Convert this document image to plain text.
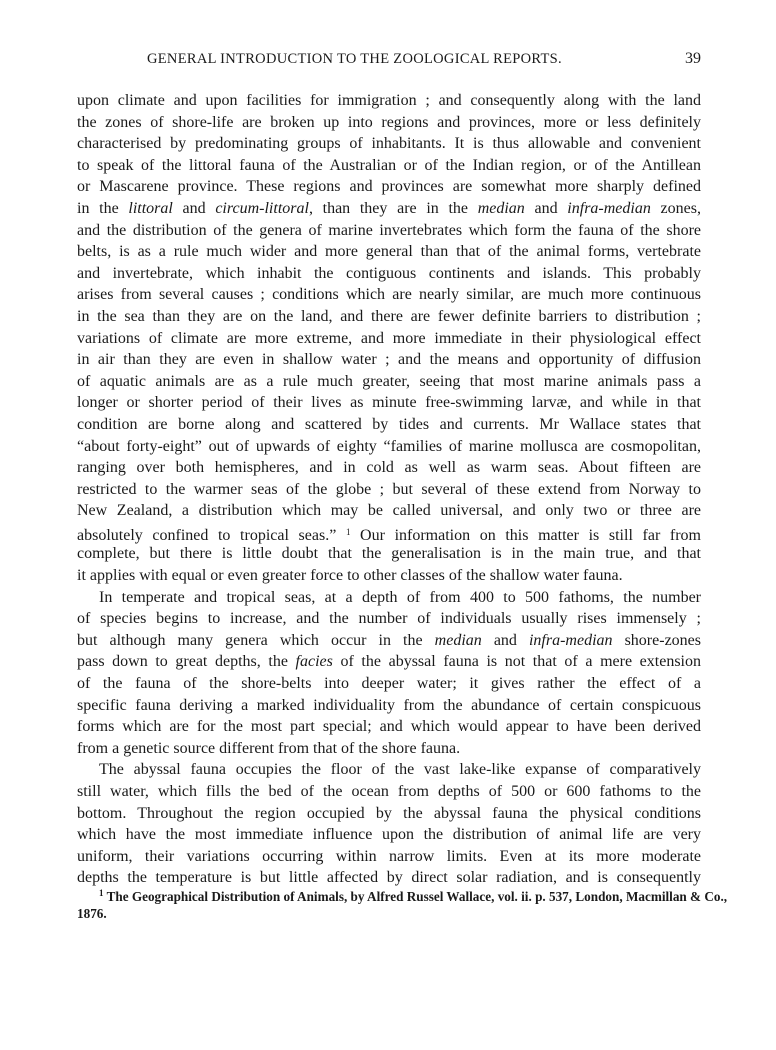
GENERAL INTRODUCTION TO THE ZOOLOGICAL REPORTS.	39
upon climate and upon facilities for immigration ; and consequently along with the land
the zones of shore-life are broken up into regions and provinces, more or less definitely
characterised by predominating groups of inhabitants. It is thus allowable and convenient
to speak of the littoral fauna of the Australian or of the Indian region, or of the Antillean
or Mascarene province. These regions and provinces are somewhat more sharply defined
in the littoral and circum-littoral, than they are in the median and infra-median zones,
and the distribution of the genera of marine invertebrates which form the fauna of the shore
belts, is as a rule much wider and more general than that of the animal forms, vertebrate
and invertebrate, which inhabit the contiguous continents and islands. This probably
arises from several causes ; conditions which are nearly similar, are much more continuous
in the sea than they are on the land, and there are fewer definite barriers to distribution ;
variations of climate are more extreme, and more immediate in their physiological effect
in air than they are even in shallow water ; and the means and opportunity of diffusion
of aquatic animals are as a rule much greater, seeing that most marine animals pass a
longer or shorter period of their lives as minute free-swimming larvæ, and while in that
condition are borne along and scattered by tides and currents. Mr Wallace states that
“about forty-eight” out of upwards of eighty “families of marine mollusca are cosmopolitan,
ranging over both hemispheres, and in cold as well as warm seas. About fifteen are
restricted to the warmer seas of the globe ; but several of these extend from Norway to
New Zealand, a distribution which may be called universal, and only two or three are
absolutely confined to tropical seas.” $^1$ Our information on this matter is still far from
complete, but there is little doubt that the generalisation is in the main true, and that
it applies with equal or even greater force to other classes of the shallow water fauna.
In temperate and tropical seas, at a depth of from 400 to 500 fathoms, the number
of species begins to increase, and the number of individuals usually rises immensely ;
but although many genera which occur in the median and infra-median shore-zones
pass down to great depths, the facies of the abyssal fauna is not that of a mere extension
of the fauna of the shore-belts into deeper water; it gives rather the effect of a
specific fauna deriving a marked individuality from the abundance of certain conspicuous
forms which are for the most part special; and which would appear to have been derived
from a genetic source different from that of the shore fauna.
The abyssal fauna occupies the floor of the vast lake-like expanse of comparatively
still water, which fills the bed of the ocean from depths of 500 or 600 fathoms to the
bottom. Throughout the region occupied by the abyssal fauna the physical conditions
which have the most immediate influence upon the distribution of animal life are very
uniform, their variations occurring within narrow limits. Even at its more moderate
depths the temperature is but little affected by direct solar radiation, and is consequently
$^1$ The Geographical Distribution of Animals, by Alfred Russel Wallace, vol. ii. p. 537, London, Macmillan & Co.,
1876.
